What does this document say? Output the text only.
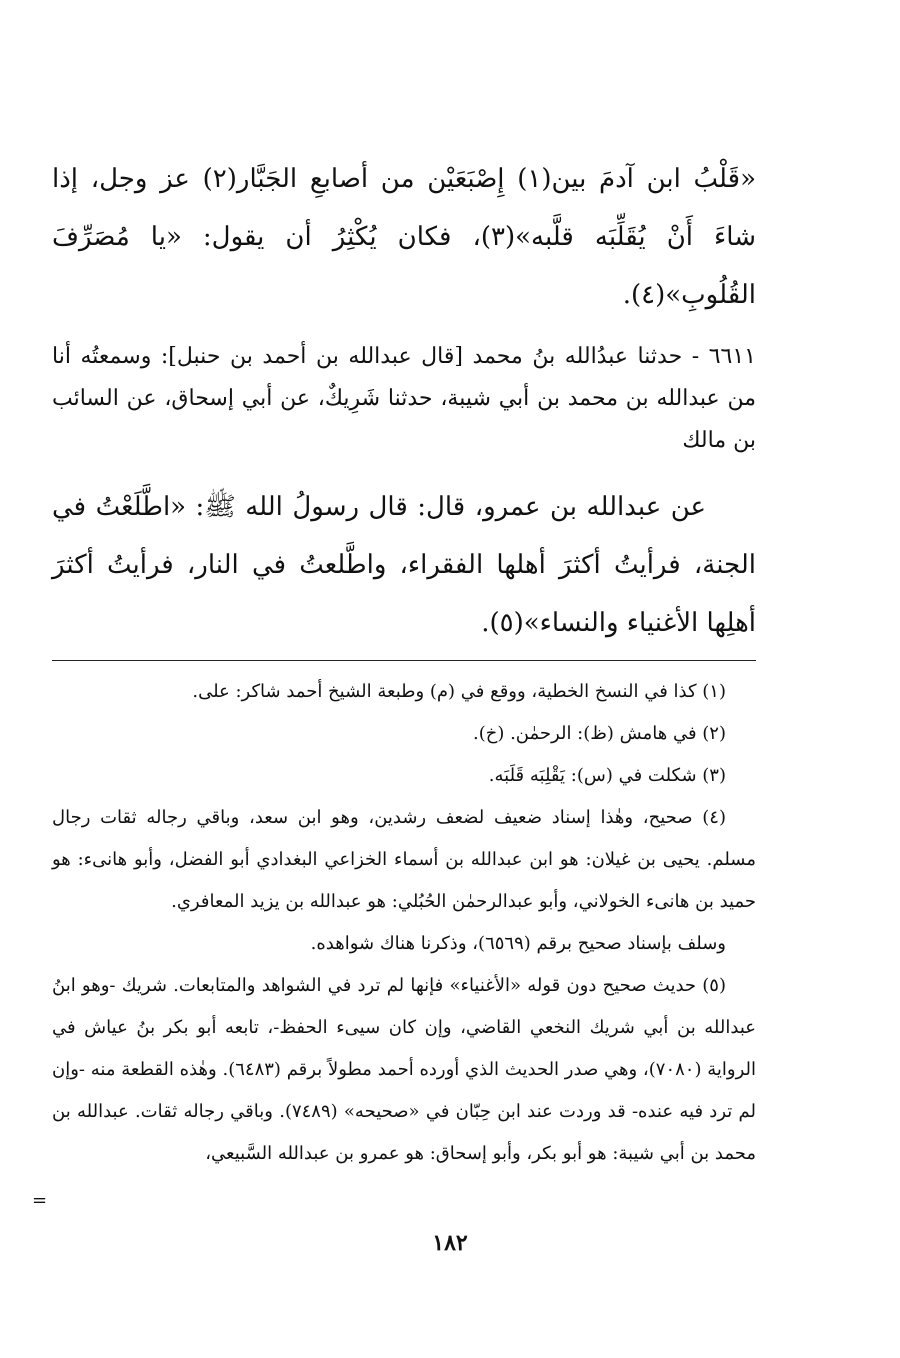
«قَلْبُ ابن آدمَ بين(١) إِصْبَعَيْن من أصابعِ الجَبَّار(٢) عز وجل، إذا شاءَ أَنْ يُقَلِّبَه قلَّبه»(٣)، فكان يُكْثِرُ أن يقول: «يا مُصَرِّفَ القُلُوبِ»(٤).

٦٦١١ - حدثنا عبدُالله بنُ محمد [قال عبدالله بن أحمد بن حنبل]: وسمعتُه أنا من عبدالله بن محمد بن أبي شيبة، حدثنا شَرِيكٌ، عن أبي إسحاق، عن السائب بن مالك

عن عبدالله بن عمرو، قال: قال رسولُ الله ﷺ: «اطَّلَعْتُ في الجنة، فرأيتُ أكثرَ أهلها الفقراء، واطَّلعتُ في النار، فرأيتُ أكثرَ أهلِها الأغنياء والنساء»(٥).

(١) كذا في النسخ الخطية، ووقع في (م) وطبعة الشيخ أحمد شاكر: على.

(٢) في هامش (ظ): الرحمٰن. (خ).

(٣) شكلت في (س): يَقْلِبَه قَلَبَه.

(٤) صحيح، وهٰذا إسناد ضعيف لضعف رشدين، وهو ابن سعد، وباقي رجاله ثقات رجال مسلم. يحيى بن غيلان: هو ابن عبدالله بن أسماء الخزاعي البغدادي أبو الفضل، وأبو هانىء: هو حميد بن هانىء الخولاني، وأبو عبدالرحمٰن الحُبُلي: هو عبدالله بن يزيد المعافري.

وسلف بإسناد صحيح برقم (٦٥٦٩)، وذكرنا هناك شواهده.

(٥) حديث صحيح دون قوله «الأغنياء» فإنها لم ترد في الشواهد والمتابعات. شريك -وهو ابنُ عبدالله بن أبي شريك النخعي القاضي، وإن كان سيىء الحفظ-، تابعه أبو بكر بنُ عياش في الرواية (٧٠٨٠)، وهي صدر الحديث الذي أورده أحمد مطولاً برقم (٦٤٨٣). وهٰذه القطعة منه -وإن لم ترد فيه عنده- قد وردت عند ابن حِبّان في «صحيحه» (٧٤٨٩). وباقي رجاله ثقات. عبدالله بن محمد بن أبي شيبة: هو أبو بكر، وأبو إسحاق: هو عمرو بن عبدالله السَّبيعي،

=
١٨٢
